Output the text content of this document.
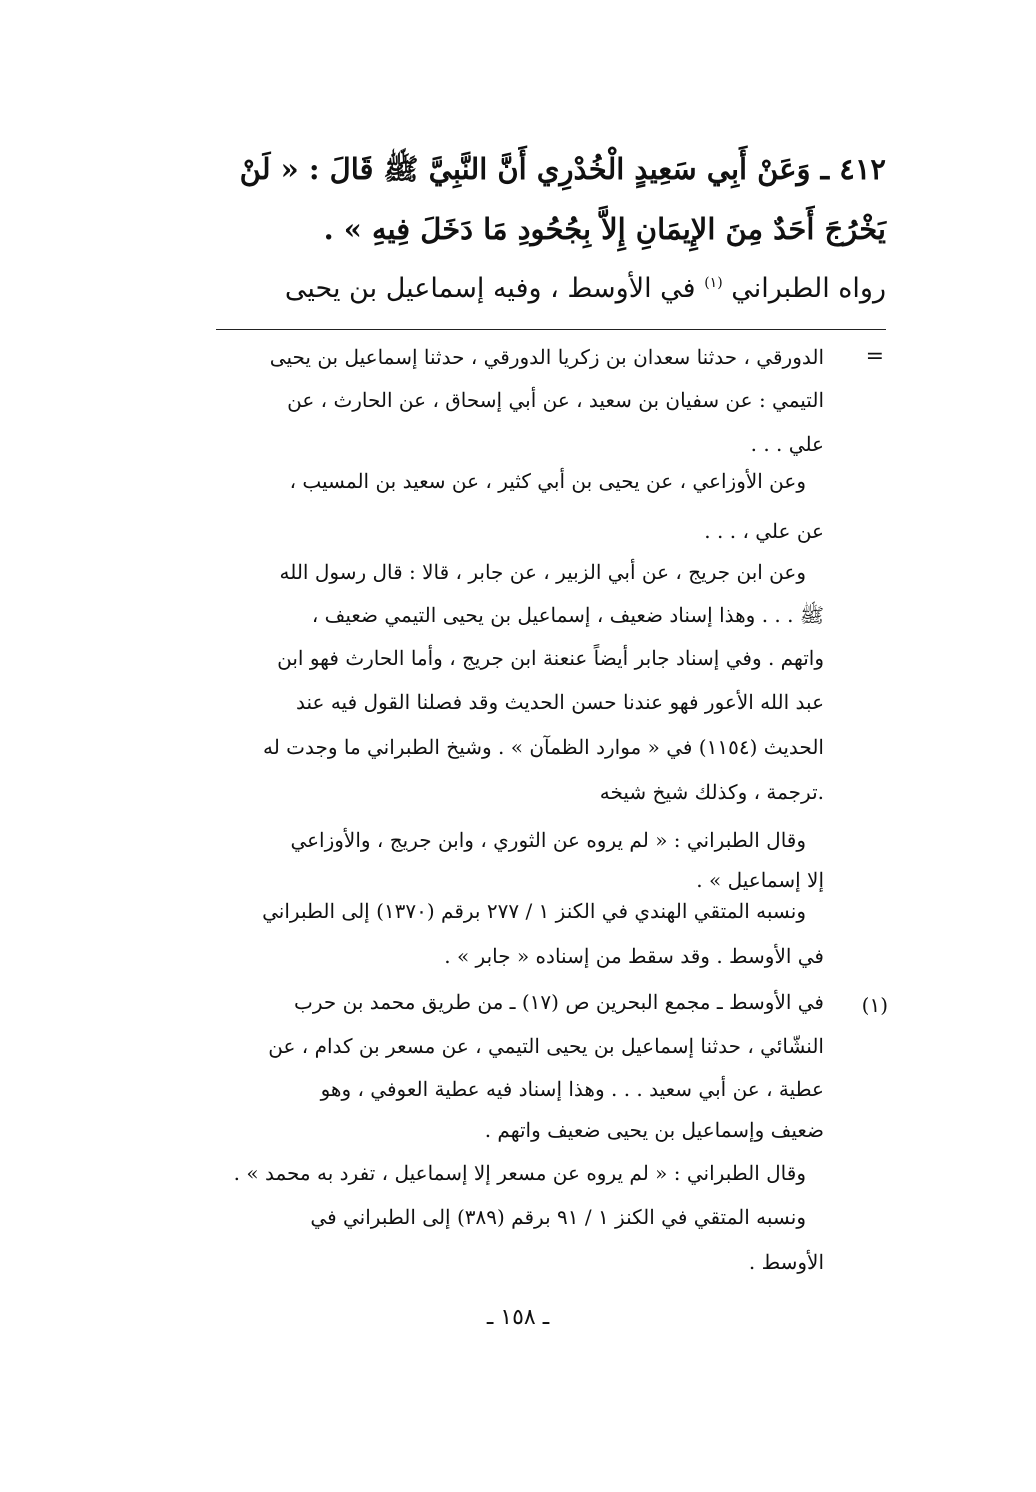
٤١٢ ـ وَعَنْ أَبِي سَعِيدٍ الْخُدْرِي أَنَّ النَّبِيَّ ﷺ قَالَ : « لَنْ

يَخْرُجَ أَحَدٌ مِنَ الإِيمَانِ إِلاَّ بِجُحُودِ مَا دَخَلَ فِيهِ » .

رواه الطبراني $^{(١)}$ في الأوسط ، وفيه إسماعيل بن يحيى

=

الدورقي ، حدثنا سعدان بن زكريا الدورقي ، حدثنا إسماعيل بن يحيى

التيمي : عن سفيان بن سعيد ، عن أبي إسحاق ، عن الحارث ، عن

علي . . .

وعن الأوزاعي ، عن يحيى بن أبي كثير ، عن سعيد بن المسيب ،

عن علي ، . . .

وعن ابن جريج ، عن أبي الزبير ، عن جابر ، قالا : قال رسول الله

ﷺ . . . وهذا إسناد ضعيف ، إسماعيل بن يحيى التيمي ضعيف ،

واتهم . وفي إسناد جابر أيضاً عنعنة ابن جريج ، وأما الحارث فهو ابن

عبد الله الأعور فهو عندنا حسن الحديث وقد فصلنا القول فيه عند

الحديث (١١٥٤) في « موارد الظمآن » . وشيخ الطبراني ما وجدت له

.ترجمة ، وكذلك شيخ شيخه

وقال الطبراني : « لم يروه عن الثوري ، وابن جريج ، والأوزاعي

إلا إسماعيل » .

ونسبه المتقي الهندي في الكنز ١ / ٢٧٧ برقم (١٣٧٠) إلى الطبراني

في الأوسط . وقد سقط من إسناده « جابر » .

(١)

في الأوسط ـ مجمع البحرين ص (١٧) ـ من طريق محمد بن حرب

النشّائي ، حدثنا إسماعيل بن يحيى التيمي ، عن مسعر بن كدام ، عن

عطية ، عن أبي سعيد . . . وهذا إسناد فيه عطية العوفي ، وهو

ضعيف وإسماعيل بن يحيى ضعيف واتهم .

وقال الطبراني : « لم يروه عن مسعر إلا إسماعيل ، تفرد به محمد » .

ونسبه المتقي في الكنز ١ / ٩١ برقم (٣٨٩) إلى الطبراني في

الأوسط .

ـ ١٥٨ ـ
